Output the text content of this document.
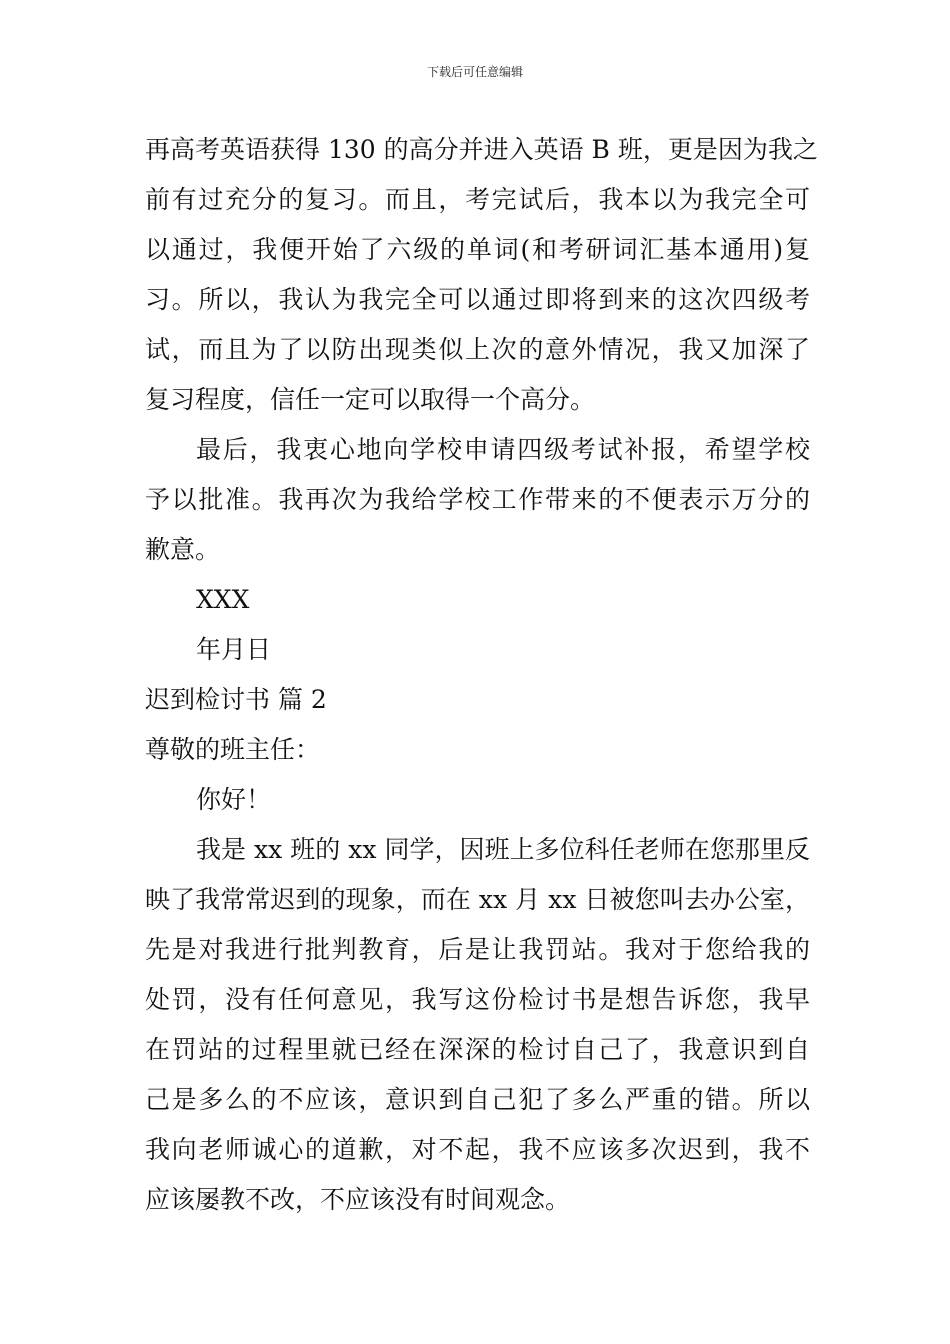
下载后可任意编辑
再高考英语获得 130 的高分并进入英语 B 班，更是因为我之
前有过充分的复习。而且，考完试后，我本以为我完全可
以通过，我便开始了六级的单词(和考研词汇基本通用)复
习。所以，我认为我完全可以通过即将到来的这次四级考
试，而且为了以防出现类似上次的意外情况，我又加深了
复习程度，信任一定可以取得一个高分。
最后，我衷心地向学校申请四级考试补报，希望学校
予以批准。我再次为我给学校工作带来的不便表示万分的
歉意。
XXX
年月日
迟到检讨书 篇 2
尊敬的班主任：
你好！
我是 xx 班的 xx 同学，因班上多位科任老师在您那里反
映了我常常迟到的现象，而在 xx 月 xx 日被您叫去办公室，
先是对我进行批判教育，后是让我罚站。我对于您给我的
处罚，没有任何意见，我写这份检讨书是想告诉您，我早
在罚站的过程里就已经在深深的检讨自己了，我意识到自
己是多么的不应该，意识到自己犯了多么严重的错。所以
我向老师诚心的道歉，对不起，我不应该多次迟到，我不
应该屡教不改，不应该没有时间观念。
